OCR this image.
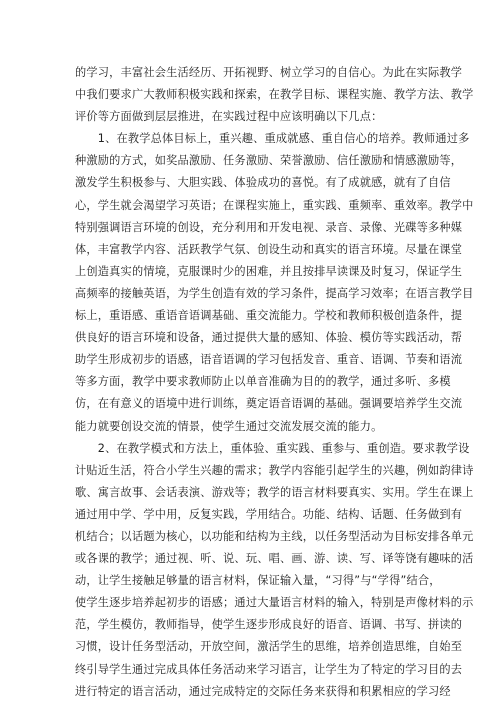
的学习，丰富社会生活经历、开拓视野、树立学习的自信心。为此在实际教学
中我们要求广大教师积极实践和探索，在教学目标、课程实施、教学方法、教学
评价等方面做到层层推进，在实践过程中应该明确以下几点：
　　1、在教学总体目标上，重兴趣、重成就感、重自信心的培养。教师通过多
种激励的方式，如奖品激励、任务激励、荣誉激励、信任激励和情感激励等，
激发学生积极参与、大胆实践、体验成功的喜悦。有了成就感，就有了自信
心，学生就会渴望学习英语；在课程实施上，重实践、重频率、重效率。教学中
特别强调语言环境的创设，充分利用和开发电视、录音、录像、光碟等多种媒
体，丰富教学内容、活跃教学气氛、创设生动和真实的语言环境。尽量在课堂
上创造真实的情境，克服课时少的困难，并且按排早读课及时复习，保证学生
高频率的接触英语，为学生创造有效的学习条件，提高学习效率；在语言教学目
标上，重语感、重语音语调基础、重交流能力。学校和教师积极创造条件，提
供良好的语言环境和设备，通过提供大量的感知、体验、模仿等实践活动，帮
助学生形成初步的语感，语音语调的学习包括发音、重音、语调、节奏和语流
等多方面，教学中要求教师防止以单音准确为目的的教学，通过多听、多模
仿，在有意义的语境中进行训练，奠定语音语调的基础。强调要培养学生交流
能力就要创设交流的情景，使学生通过交流发展交流的能力。
　　2、在教学模式和方法上，重体验、重实践、重参与、重创造。要求教学设
计贴近生活，符合小学生兴趣的需求；教学内容能引起学生的兴趣，例如韵律诗
歌、寓言故事、会话表演、游戏等；教学的语言材料要真实、实用。学生在课上
通过用中学、学中用，反复实践，学用结合。功能、结构、话题、任务做到有
机结合；以话题为核心，以功能和结构为主线，以任务型活动为目标安排各单元
或各课的教学；通过视、听、说、玩、唱、画、游、读、写、译等饶有趣味的活
动，让学生接触足够量的语言材料，保证输入量，“习得”与“学得”结合，
使学生逐步培养起初步的语感；通过大量语言材料的输入，特别是声像材料的示
范，学生模仿，教师指导，使学生逐步形成良好的语音、语调、书写、拼读的
习惯，设计任务型活动，开放空间，激活学生的思维，培养创造思维，自始至
终引导学生通过完成具体任务活动来学习语言，让学生为了特定的学习目的去
进行特定的语言活动，通过完成特定的交际任务来获得和积累相应的学习经
